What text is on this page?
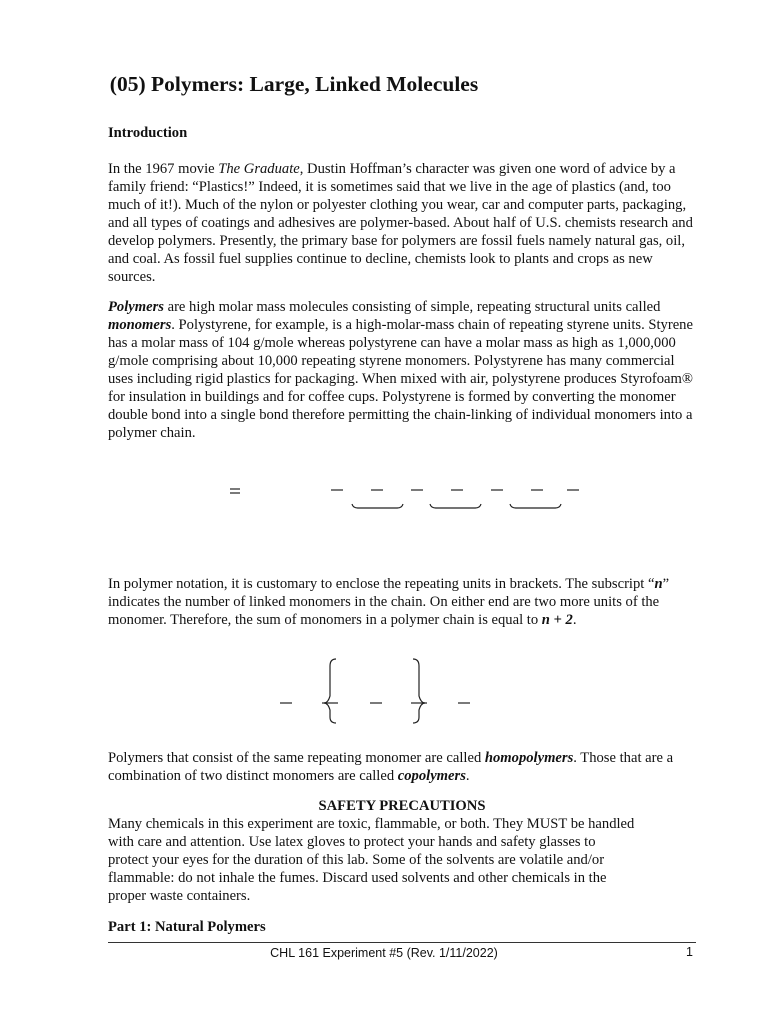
(05) Polymers: Large, Linked Molecules

Introduction

In the 1967 movie The Graduate, Dustin Hoffman’s character was given one word of advice by a family friend: “Plastics!” Indeed, it is sometimes said that we live in the age of plastics (and, too much of it!). Much of the nylon or polyester clothing you wear, car and computer parts, packaging, and all types of coatings and adhesives are polymer-based. About half of U.S. chemists research and develop polymers. Presently, the primary base for polymers are fossil fuels namely natural gas, oil, and coal. As fossil fuel supplies continue to decline, chemists look to plants and crops as new sources.

Polymers are high molar mass molecules consisting of simple, repeating structural units called monomers. Polystyrene, for example, is a high-molar-mass chain of repeating styrene units. Styrene has a molar mass of 104 g/mole whereas polystyrene can have a molar mass as high as 1,000,000 g/mole comprising about 10,000 repeating styrene monomers. Polystyrene has many commercial uses including rigid plastics for packaging. When mixed with air, polystyrene produces Styrofoam® for insulation in buildings and for coffee cups. Polystyrene is formed by converting the monomer double bond into a single bond therefore permitting the chain-linking of individual monomers into a polymer chain.

In polymer notation, it is customary to enclose the repeating units in brackets. The subscript “n” indicates the number of linked monomers in the chain. On either end are two more units of the monomer. Therefore, the sum of monomers in a polymer chain is equal to n + 2.

Polymers that consist of the same repeating monomer are called homopolymers. Those that are a combination of two distinct monomers are called copolymers.

SAFETY PRECAUTIONS

Many chemicals in this experiment are toxic, flammable, or both. They MUST be handled with care and attention. Use latex gloves to protect your hands and safety glasses to protect your eyes for the duration of this lab. Some of the solvents are volatile and/or flammable: do not inhale the fumes. Discard used solvents and other chemicals in the proper waste containers.

Part 1: Natural Polymers

CHL 161 Experiment #5 (Rev. 1/11/2022)	1
